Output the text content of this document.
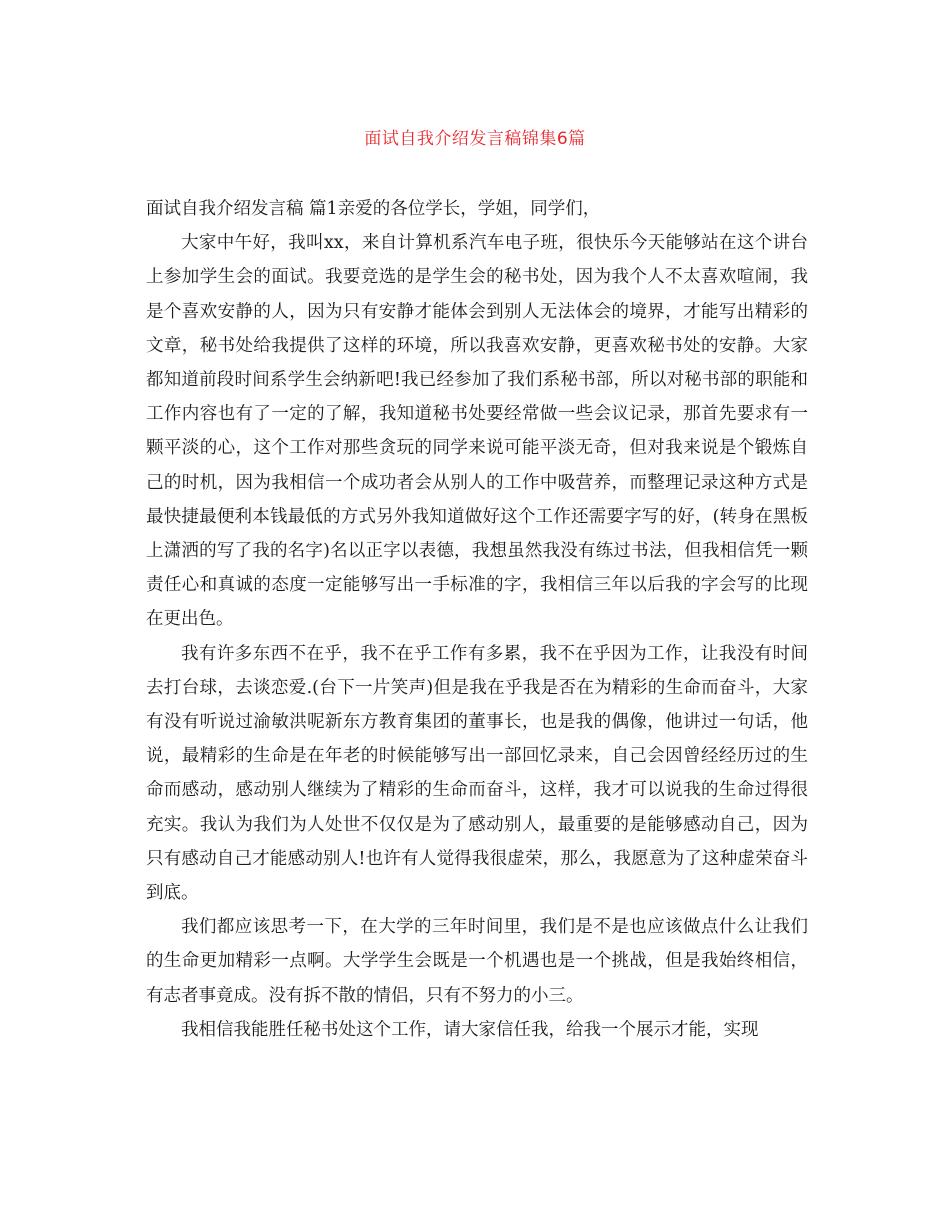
面试自我介绍发言稿锦集6篇

面试自我介绍发言稿 篇1亲爱的各位学长，学姐，同学们，

大家中午好，我叫xx，来自计算机系汽车电子班，很快乐今天能够站在这个讲台上参加学生会的面试。我要竞选的是学生会的秘书处，因为我个人不太喜欢喧闹，我是个喜欢安静的人，因为只有安静才能体会到别人无法体会的境界，才能写出精彩的文章，秘书处给我提供了这样的环境，所以我喜欢安静，更喜欢秘书处的安静。大家都知道前段时间系学生会纳新吧!我已经参加了我们系秘书部，所以对秘书部的职能和工作内容也有了一定的了解，我知道秘书处要经常做一些会议记录，那首先要求有一颗平淡的心，这个工作对那些贪玩的同学来说可能平淡无奇，但对我来说是个锻炼自己的时机，因为我相信一个成功者会从别人的工作中吸营养，而整理记录这种方式是最快捷最便利本钱最低的方式另外我知道做好这个工作还需要字写的好，(转身在黑板上潇洒的写了我的名字)名以正字以表德，我想虽然我没有练过书法，但我相信凭一颗责任心和真诚的态度一定能够写出一手标准的字，我相信三年以后我的字会写的比现在更出色。

我有许多东西不在乎，我不在乎工作有多累，我不在乎因为工作，让我没有时间去打台球，去谈恋爱.(台下一片笑声)但是我在乎我是否在为精彩的生命而奋斗，大家有没有听说过渝敏洪呢新东方教育集团的董事长，也是我的偶像，他讲过一句话，他说，最精彩的生命是在年老的时候能够写出一部回忆录来，自己会因曾经经历过的生命而感动，感动别人继续为了精彩的生命而奋斗，这样，我才可以说我的生命过得很充实。我认为我们为人处世不仅仅是为了感动别人，最重要的是能够感动自己，因为只有感动自己才能感动别人!也许有人觉得我很虚荣，那么，我愿意为了这种虚荣奋斗到底。

我们都应该思考一下，在大学的三年时间里，我们是不是也应该做点什么让我们的生命更加精彩一点啊。大学学生会既是一个机遇也是一个挑战，但是我始终相信，有志者事竟成。没有拆不散的情侣，只有不努力的小三。

我相信我能胜任秘书处这个工作，请大家信任我，给我一个展示才能，实现
